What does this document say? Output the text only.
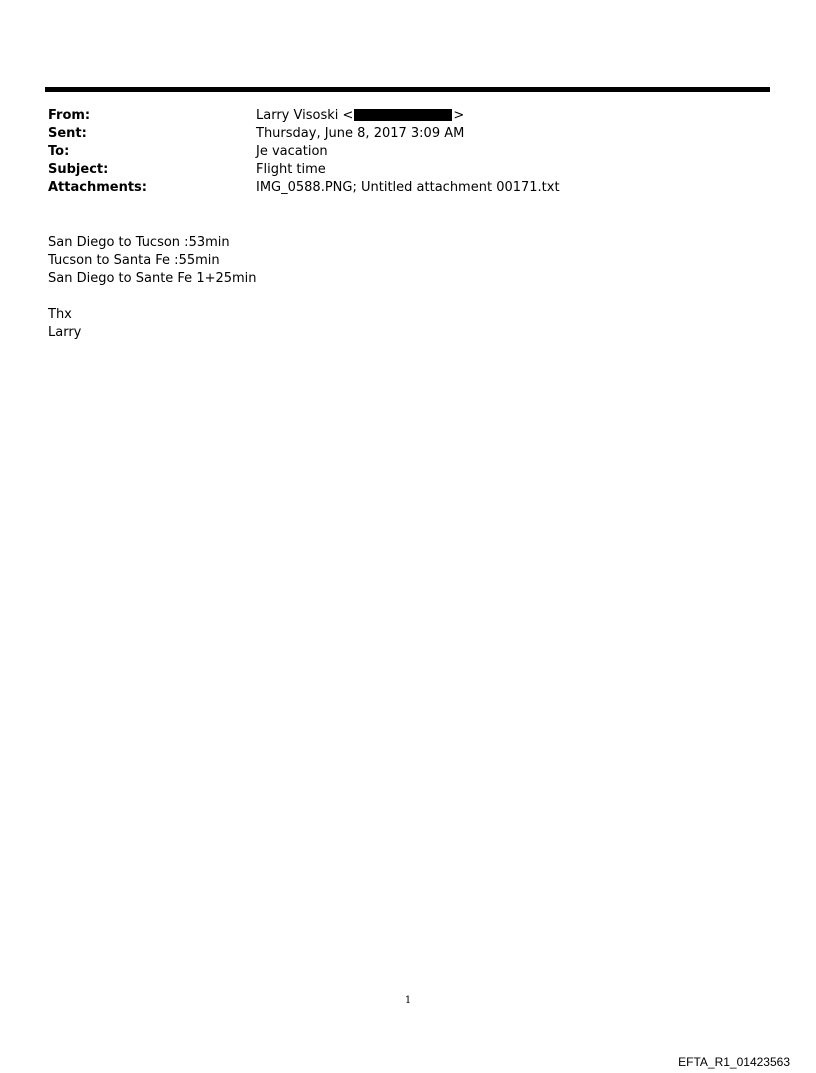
From:	Larry Visoski <	>
Sent:	Thursday, June 8, 2017 3:09 AM
To:	Je vacation
Subject:	Flight time
Attachments:	IMG_0588.PNG; Untitled attachment 00171.txt
San Diego to Tucson :53min
Tucson to Santa Fe :55min
San Diego to Sante Fe 1+25min
Thx
Larry
1
EFTA_R1_01423563
